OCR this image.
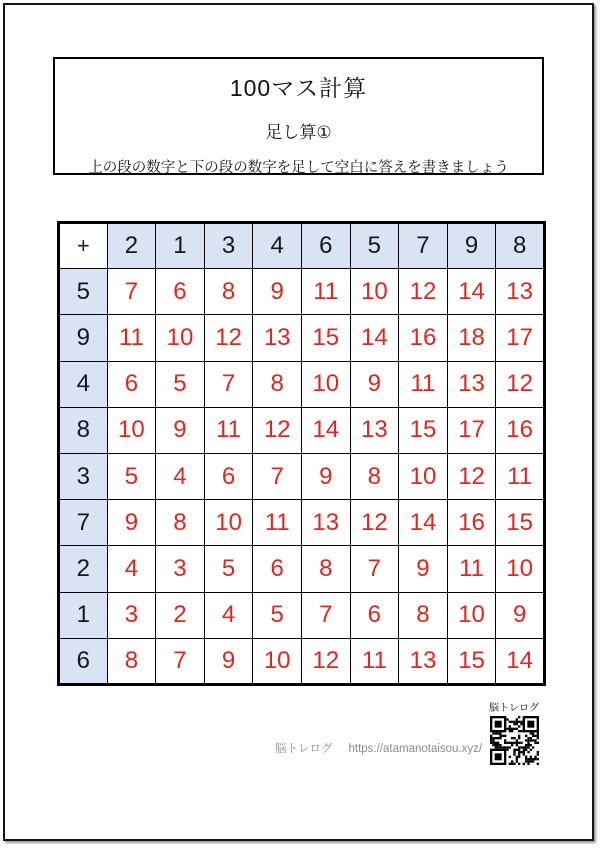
100マス計算
足し算①
上の段の数字と下の段の数字を足して空白に答えを書きましょう
+	2	1	3	4	6	5	7	9	8
5	7	6	8	9	11	10	12	14	13
9	11	10	12	13	15	14	16	18	17
4	6	5	7	8	10	9	11	13	12
8	10	9	11	12	14	13	15	17	16
3	5	4	6	7	9	8	10	12	11
7	9	8	10	11	13	12	14	16	15
2	4	3	5	6	8	7	9	11	10
1	3	2	4	5	7	6	8	10	9
6	8	7	9	10	12	11	13	15	14
脳トレログ https://atamanotaisou.xyz/
脳トレログ
